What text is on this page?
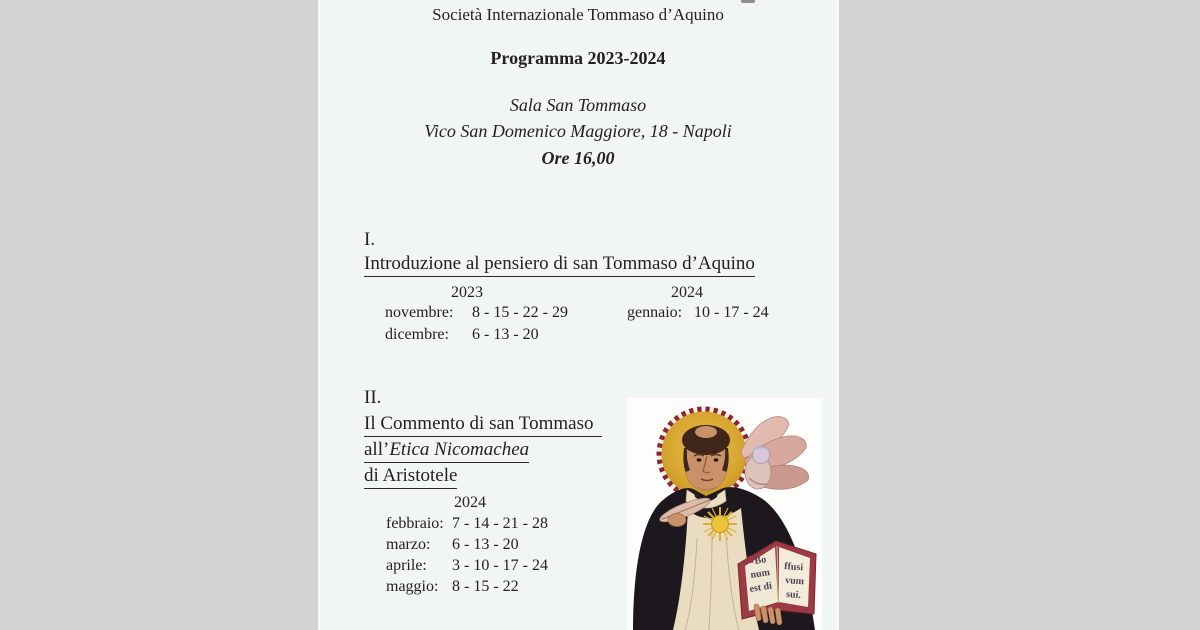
Società Internazionale Tommaso d’Aquino
Programma 2023-2024
Sala San Tommaso
Vico San Domenico Maggiore, 18 - Napoli
Ore 16,00
I.
Introduzione al pensiero di san Tommaso d’Aquino
2023	2024
novembre: 8 - 15 - 22 - 29
dicembre: 6 - 13 - 20
gennaio: 10 - 17 - 24
II.
Il Commento di san Tommaso
all’Etica Nicomachea
di Aristotele
2024
febbraio: 7 - 14 - 21 - 28
marzo: 6 - 13 - 20
aprile: 3 - 10 - 17 - 24
maggio: 8 - 15 - 22
Bo
num
est di
ffusi
vum
sui.
